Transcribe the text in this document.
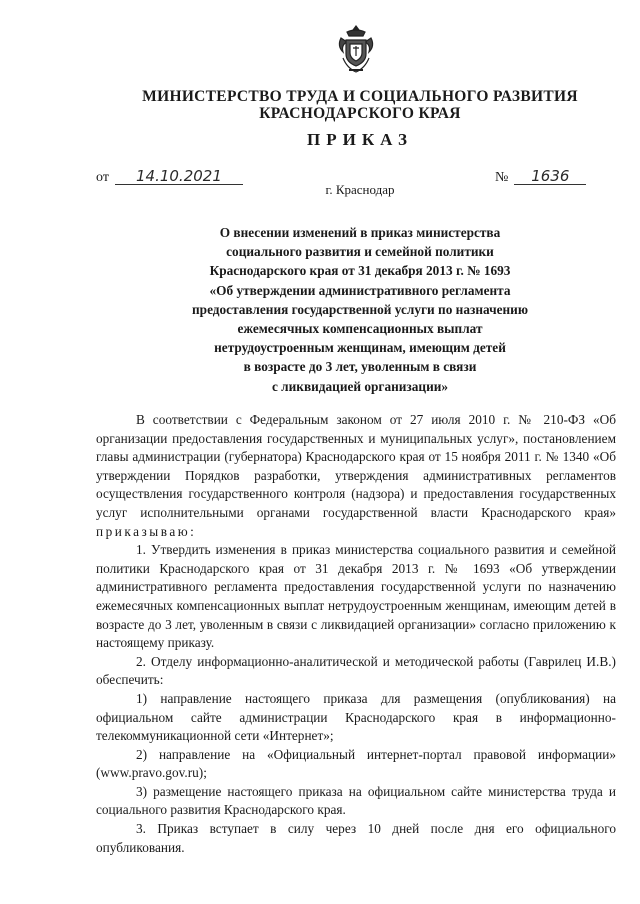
МИНИСТЕРСТВО ТРУДА И СОЦИАЛЬНОГО РАЗВИТИЯ
КРАСНОДАРСКОГО КРАЯ
ПРИКАЗ
от 14.10.2021	№ 1636
г. Краснодар
О внесении изменений в приказ министерства
социального развития и семейной политики
Краснодарского края от 31 декабря 2013 г. № 1693
«Об утверждении административного регламента
предоставления государственной услуги по назначению
ежемесячных компенсационных выплат
нетрудоустроенным женщинам, имеющим детей
в возрасте до 3 лет, уволенным в связи
с ликвидацией организации»

В соответствии с Федеральным законом от 27 июля 2010 г. № 210-ФЗ «Об организации предоставления государственных и муниципальных услуг», постановлением главы администрации (губернатора) Краснодарского края от 15 ноября 2011 г. № 1340 «Об утверждении Порядков разработки, утверждения административных регламентов осуществления государственного контроля (надзора) и предоставления государственных услуг исполнительными органами государственной власти Краснодарского края» приказываю:

1. Утвердить изменения в приказ министерства социального развития и семейной политики Краснодарского края от 31 декабря 2013 г. № 1693 «Об утверждении административного регламента предоставления государственной услуги по назначению ежемесячных компенсационных выплат нетрудоустроенным женщинам, имеющим детей в возрасте до 3 лет, уволенным в связи с ликвидацией организации» согласно приложению к настоящему приказу.

2. Отделу информационно-аналитической и методической работы (Гаврилец И.В.) обеспечить:

1) направление настоящего приказа для размещения (опубликования) на официальном сайте администрации Краснодарского края в информационно-телекоммуникационной сети «Интернет»;

2) направление на «Официальный интернет-портал правовой информации» (www.pravo.gov.ru);

3) размещение настоящего приказа на официальном сайте министерства труда и социального развития Краснодарского края.

3. Приказ вступает в силу через 10 дней после дня его официального опубликования.
